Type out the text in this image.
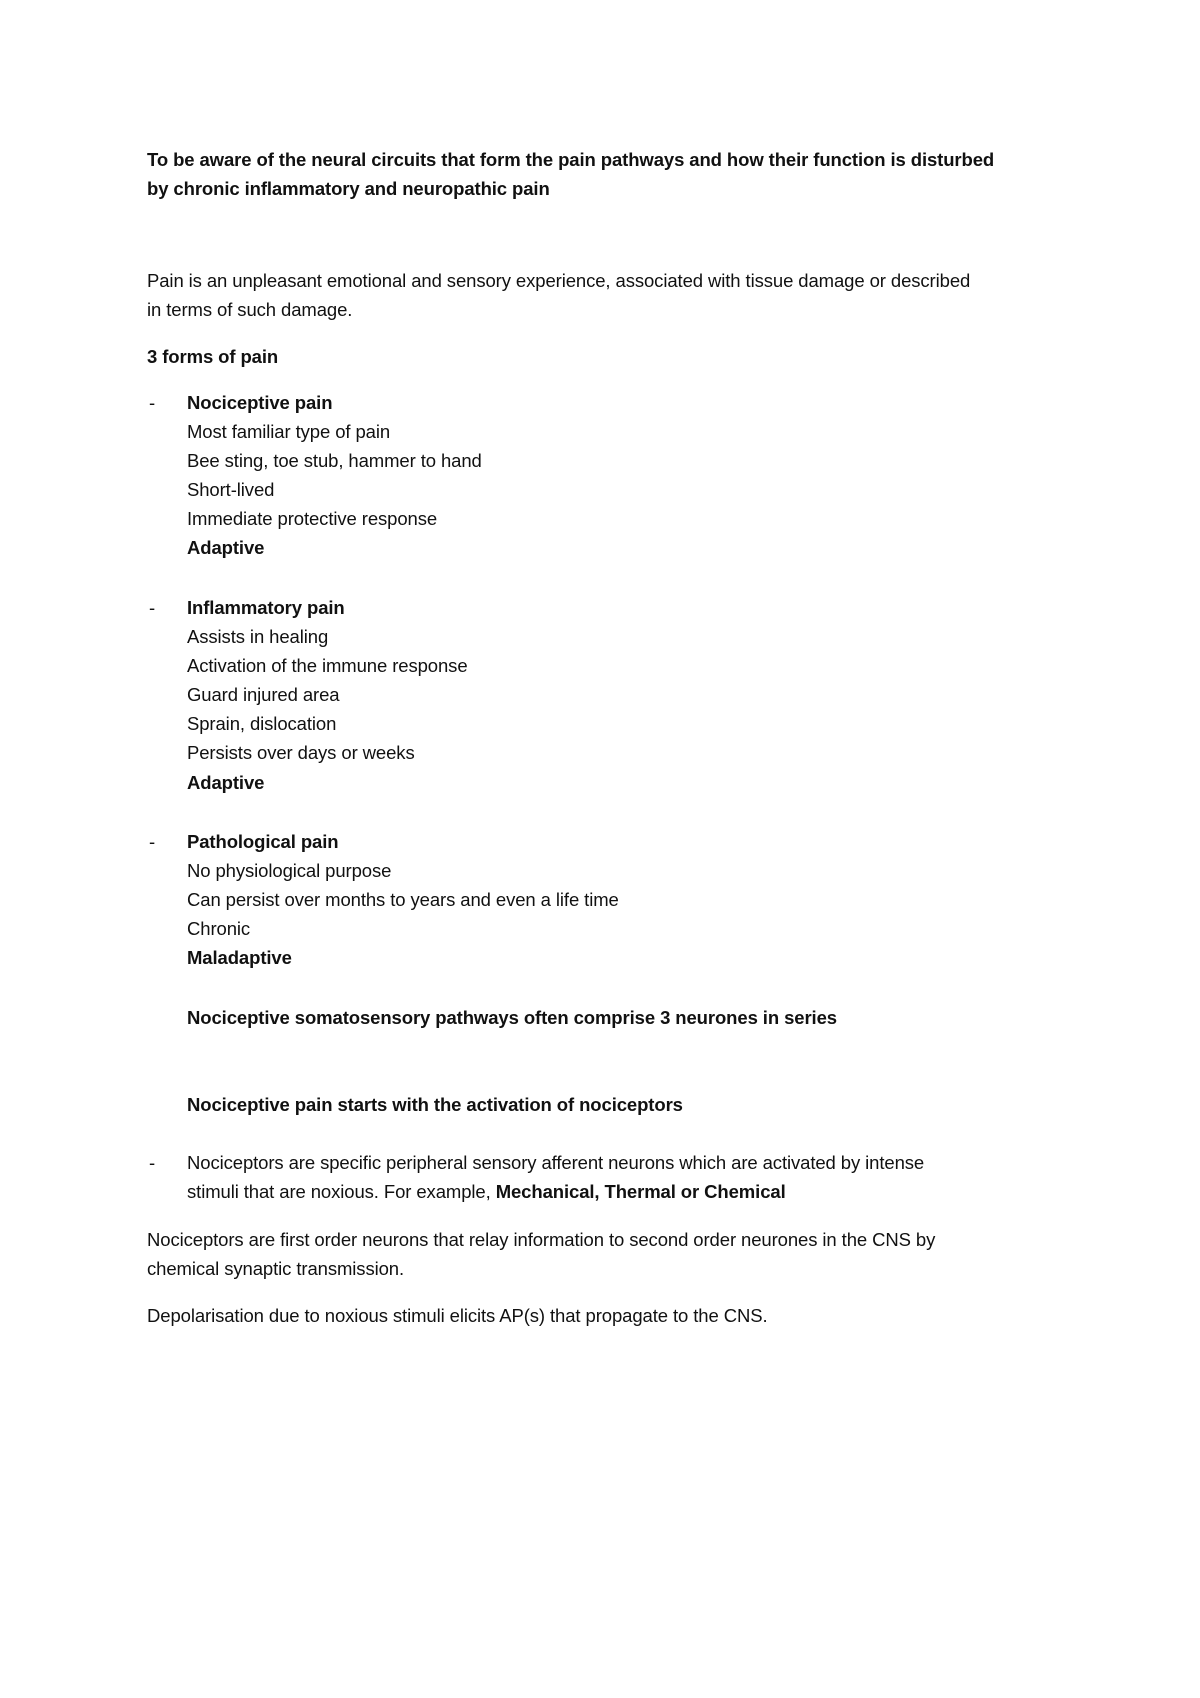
To be aware of the neural circuits that form the pain pathways and how their function is disturbed

by chronic inflammatory and neuropathic pain

Pain is an unpleasant emotional and sensory experience, associated with tissue damage or described

in terms of such damage.

3 forms of pain

- Nociceptive pain

Most familiar type of pain

Bee sting, toe stub, hammer to hand

Short-lived

Immediate protective response

Adaptive

- Inflammatory pain

Assists in healing

Activation of the immune response

Guard injured area

Sprain, dislocation

Persists over days or weeks

Adaptive

- Pathological pain

No physiological purpose

Can persist over months to years and even a life time

Chronic

Maladaptive

Nociceptive somatosensory pathways often comprise 3 neurones in series

Nociceptive pain starts with the activation of nociceptors

- Nociceptors are specific peripheral sensory afferent neurons which are activated by intense

stimuli that are noxious. For example, Mechanical, Thermal or Chemical

Nociceptors are first order neurons that relay information to second order neurones in the CNS by

chemical synaptic transmission.

Depolarisation due to noxious stimuli elicits AP(s) that propagate to the CNS.
